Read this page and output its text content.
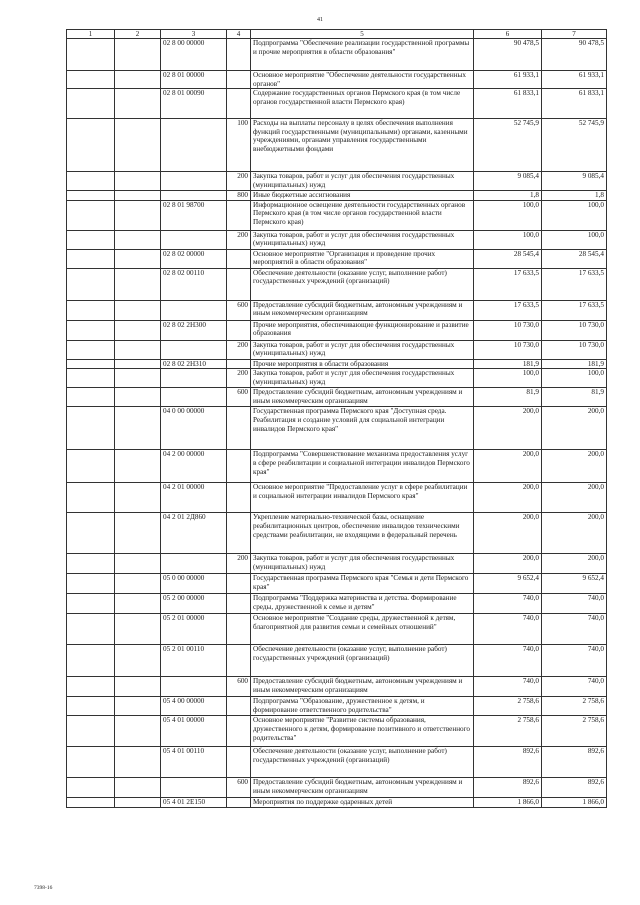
41
1	2	3	4	5	6	7
		02 8 00 00000		Подпрограмма "Обеспечение реализации государственной программы и прочие мероприятия в области образования"	90 478,5	90 478,5
		02 8 01 00000		Основное мероприятие "Обеспечение деятельности государственных органов"	61 933,1	61 933,1
		02 8 01 00090		Содержание государственных органов Пермского края (в том числе органов государственной власти Пермского края)	61 833,1	61 833,1
			100	Расходы на выплаты персоналу в целях обеспечения выполнения функций государственными (муниципальными) органами, казенными учреждениями, органами управления государственными внебюджетными фондами	52 745,9	52 745,9
			200	Закупка товаров, работ и услуг для обеспечения государственных (муниципальных) нужд	9 085,4	9 085,4
			800	Иные бюджетные ассигнования	1,8	1,8
		02 8 01 98700		Информационное освещение деятельности государственных органов Пермского края (в том числе органов государственной власти Пермского края)	100,0	100,0
			200	Закупка товаров, работ и услуг для обеспечения государственных (муниципальных) нужд	100,0	100,0
		02 8 02 00000		Основное мероприятие "Организация и проведение прочих мероприятий в области образования"	28 545,4	28 545,4
		02 8 02 00110		Обеспечение деятельности (оказание услуг, выполнение работ) государственных учреждений (организаций)	17 633,5	17 633,5
			600	Предоставление субсидий бюджетным, автономным учреждениям и иным некоммерческим организациям	17 633,5	17 633,5
		02 8 02 2Н300		Прочие мероприятия, обеспечивающие функционирование и развитие образования	10 730,0	10 730,0
			200	Закупка товаров, работ и услуг для обеспечения государственных (муниципальных) нужд	10 730,0	10 730,0
		02 8 02 2Н310		Прочие мероприятия в области образования	181,9	181,9
			200	Закупка товаров, работ и услуг для обеспечения государственных (муниципальных) нужд	100,0	100,0
			600	Предоставление субсидий бюджетным, автономным учреждениям и иным некоммерческим организациям	81,9	81,9
		04 0 00 00000		Государственная программа Пермского края "Доступная среда. Реабилитация и создание условий для социальной интеграции инвалидов Пермского края"	200,0	200,0
		04 2 00 00000		Подпрограмма "Совершенствование механизма предоставления услуг в сфере реабилитации и социальной интеграции инвалидов Пермского края"	200,0	200,0
		04 2 01 00000		Основное мероприятие "Предоставление услуг в сфере реабилитации и социальной интеграции инвалидов Пермского края"	200,0	200,0
		04 2 01 2Д860		Укрепление материально-технической базы, оснащение реабилитационных центров, обеспечение инвалидов техническими средствами реабилитации, не входящими в федеральный перечень	200,0	200,0
			200	Закупка товаров, работ и услуг для обеспечения государственных (муниципальных) нужд	200,0	200,0
		05 0 00 00000		Государственная программа Пермского края "Семья и дети Пермского края"	9 652,4	9 652,4
		05 2 00 00000		Подпрограмма "Поддержка материнства и детства. Формирование среды, дружественной к семье и детям"	740,0	740,0
		05 2 01 00000		Основное мероприятие "Создание среды, дружественной к детям, благоприятной для развития семьи и семейных отношений"	740,0	740,0
		05 2 01 00110		Обеспечение деятельности (оказание услуг, выполнение работ) государственных учреждений (организаций)	740,0	740,0
			600	Предоставление субсидий бюджетным, автономным учреждениям и иным некоммерческим организациям	740,0	740,0
		05 4 00 00000		Подпрограмма "Образование, дружественное к детям, и формирование ответственного родительства"	2 758,6	2 758,6
		05 4 01 00000		Основное мероприятие "Развитие системы образования, дружественного к детям, формирование позитивного и ответственного родительства"	2 758,6	2 758,6
		05 4 01 00110		Обеспечение деятельности (оказание услуг, выполнение работ) государственных учреждений (организаций)	892,6	892,6
			600	Предоставление субсидий бюджетным, автономным учреждениям и иным некоммерческим организациям	892,6	892,6
		05 4 01 2Е150		Мероприятия по поддержке одаренных детей	1 866,0	1 866,0
7398-16
